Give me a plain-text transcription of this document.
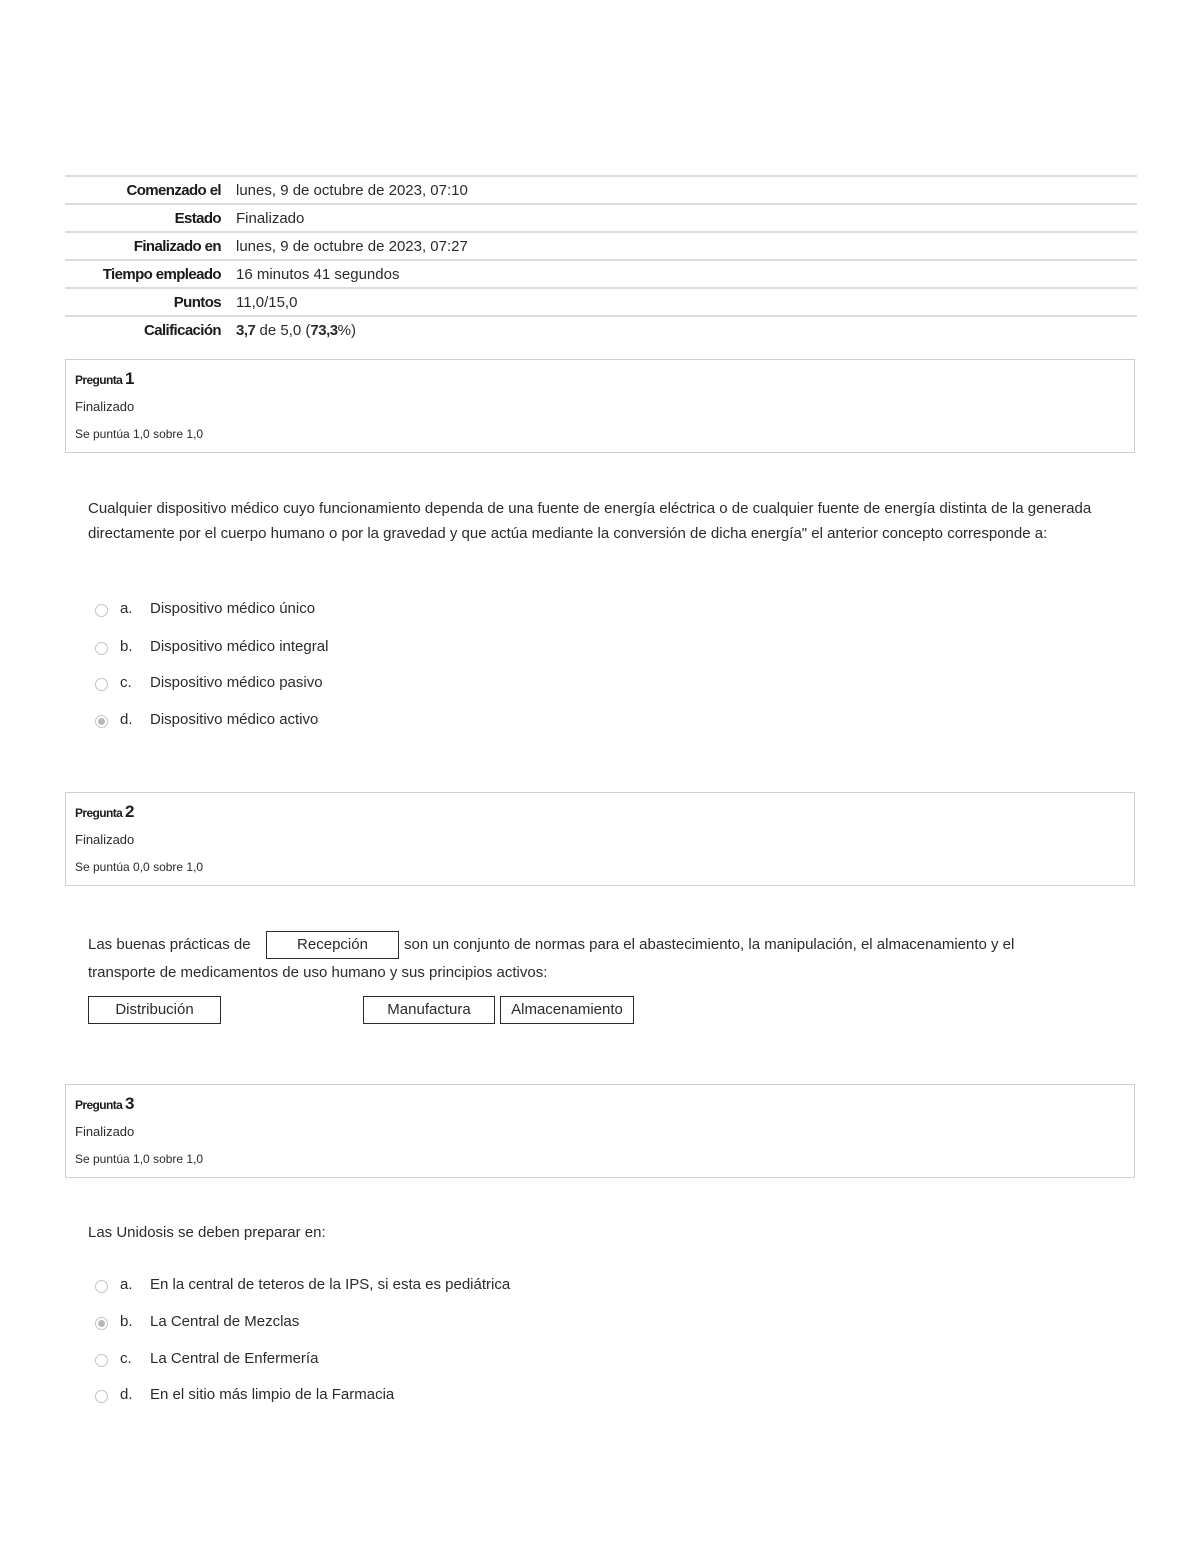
Comenzado el	lunes, 9 de octubre de 2023, 07:10
Estado	Finalizado
Finalizado en	lunes, 9 de octubre de 2023, 07:27
Tiempo empleado	16 minutos 41 segundos
Puntos	11,0/15,0
Calificación	3,7 de 5,0 (73,3%)
Pregunta 1
Finalizado
Se puntúa 1,0 sobre 1,0
Cualquier dispositivo médico cuyo funcionamiento dependa de una fuente de energía eléctrica o de cualquier fuente de energía distinta de la generada directamente por el cuerpo humano o por la gravedad y que actúa mediante la conversión de dicha energía" el anterior concepto corresponde a:
a. Dispositivo médico único
b. Dispositivo médico integral
c. Dispositivo médico pasivo
d. Dispositivo médico activo
Pregunta 2
Finalizado
Se puntúa 0,0 sobre 1,0
Las buenas prácticas de	Recepción	son un conjunto de normas para el abastecimiento, la manipulación, el almacenamiento y el
transporte de medicamentos de uso humano y sus principios activos:
Distribución	Manufactura	Almacenamiento
Pregunta 3
Finalizado
Se puntúa 1,0 sobre 1,0
Las Unidosis se deben preparar en:
a. En la central de teteros de la IPS, si esta es pediátrica
b. La Central de Mezclas
c. La Central de Enfermería
d. En el sitio más limpio de la Farmacia
